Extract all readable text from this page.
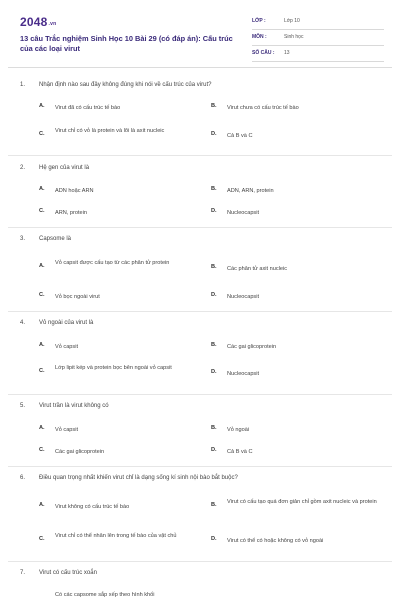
2048.vn
13 câu Trắc nghiệm Sinh Học 10 Bài 29 (có đáp án): Cấu trúc của các loại virut
LỚP :	Lớp 10
MÔN :	Sinh học
SỐ CÂU : 13
1. Nhận định nào sau đây không đúng khi nói về cấu trúc của virut?
A. Virut đã có cấu trúc tế bào	B. Virut chưa có cấu trúc tế bào
C. Virut chỉ có vỏ là protein và lõi là axit nucleic	D. Cả B và C
2. Hệ gen của virut là
A. ADN hoặc ARN	B. ADN, ARN, protein
C. ARN, protein	D. Nucleocapsit
3. Capsome là
A. Vỏ capsit được cấu tạo từ các phân tử protein
B. Các phân tử axit nucleic
C. Vỏ bọc ngoài virut	D. Nucleocapsit
4. Vỏ ngoài của virut là
A. Vỏ capsit	B. Các gai glicoprotein
C. Lớp lipit kép và protein bọc bên ngoài vỏ capsit
D. Nucleocapsit
5. Virut trần là virut không có
A. Vỏ capsit	B. Vỏ ngoài
C. Các gai glicoprotein	D. Cả B và C
6. Điều quan trọng nhất khiến virut chỉ là dạng sống kí sinh nội bào bắt buộc?
A. Virut không có cấu trúc tế bào	B. Virut có cấu tạo quá đơn giản chỉ gồm axit nucleic và protein
C. Virut chỉ có thể nhân lên trong tế bào của vật chủ	D. Virut có thể có hoặc không có vỏ ngoài
7. Virut có cấu trúc xoắn
Có các capsome sắp xếp theo hình khối
